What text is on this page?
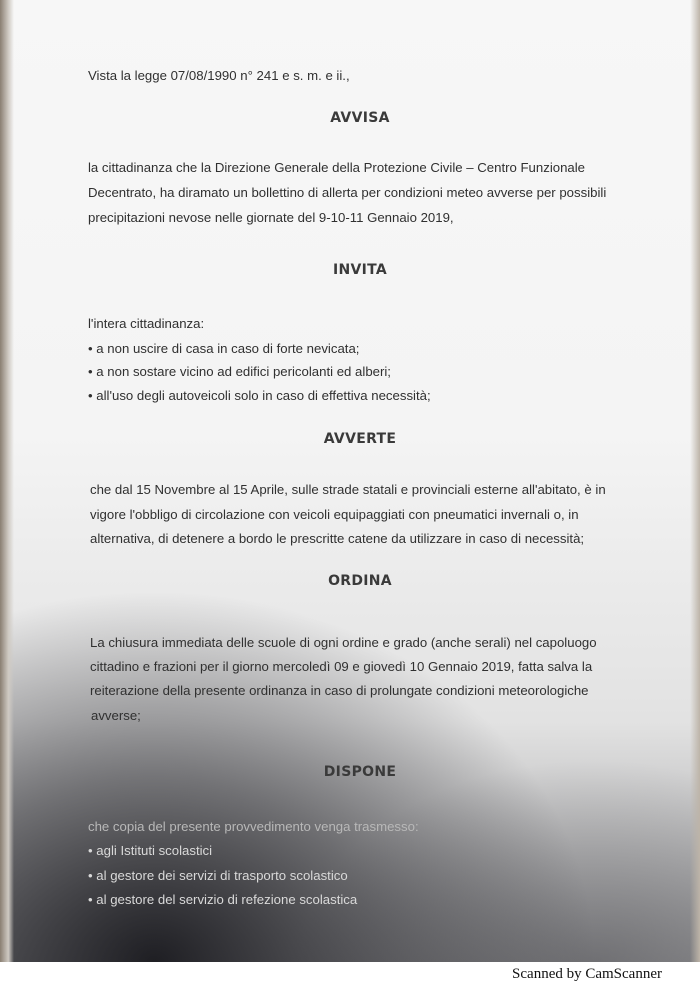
Vista la legge 07/08/1990 n° 241 e s. m. e ii.,

AVVISA

la cittadinanza che la Direzione Generale della Protezione Civile – Centro Funzionale

Decentrato, ha diramato un bollettino di allerta per condizioni meteo avverse per possibili

precipitazioni nevose nelle giornate del 9-10-11 Gennaio 2019,

INVITA

l'intera cittadinanza:

• a non uscire di casa in caso di forte nevicata;

• a non sostare vicino ad edifici pericolanti ed alberi;

• all'uso degli autoveicoli solo in caso di effettiva necessità;

AVVERTE

che dal 15 Novembre al 15 Aprile, sulle strade statali e provinciali esterne all'abitato, è in

vigore l'obbligo di circolazione con veicoli equipaggiati con pneumatici invernali o, in

alternativa, di detenere a bordo le prescritte catene da utilizzare in caso di necessità;

ORDINA

La chiusura immediata delle scuole di ogni ordine e grado (anche serali) nel capoluogo

cittadino e frazioni per il giorno mercoledì 09 e giovedì 10 Gennaio 2019, fatta salva la

reiterazione della presente ordinanza in caso di prolungate condizioni meteorologiche

avverse;

DISPONE

che copia del presente provvedimento venga trasmesso:

• agli Istituti scolastici

• al gestore dei servizi di trasporto scolastico

• al gestore del servizio di refezione scolastica

Scanned by CamScanner
